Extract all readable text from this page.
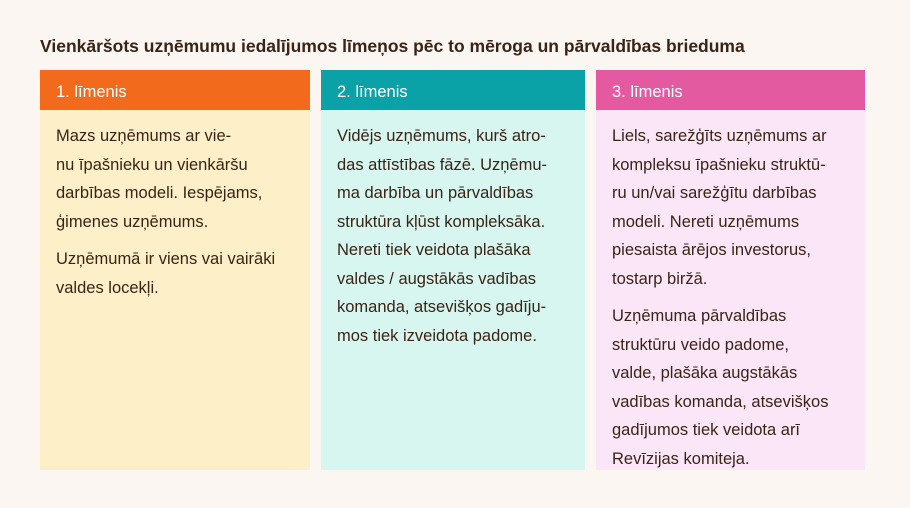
Vienkāršots uzņēmumu iedalījumos līmeņos pēc to mēroga un pārvaldības brieduma
1. līmenis

Mazs uzņēmums ar vie-
nu īpašnieku un vienkāršu
darbības modeli. Iespējams,
ģimenes uzņēmums.

Uzņēmumā ir viens vai vairāki
valdes locekļi.

2. līmenis

Vidējs uzņēmums, kurš atro-
das attīstības fāzē. Uzņēmu-
ma darbība un pārvaldības
struktūra kļūst kompleksāka.
Nereti tiek veidota plašāka
valdes / augstākās vadības
komanda, atsevišķos gadīju-
mos tiek izveidota padome.

3. līmenis

Liels, sarežģīts uzņēmums ar
kompleksu īpašnieku struktū-
ru un/vai sarežģītu darbības
modeli. Nereti uzņēmums
piesaista ārējos investorus,
tostarp biržā.

Uzņēmuma pārvaldības
struktūru veido padome,
valde, plašāka augstākās
vadības komanda, atsevišķos
gadījumos tiek veidota arī
Revīzijas komiteja.
